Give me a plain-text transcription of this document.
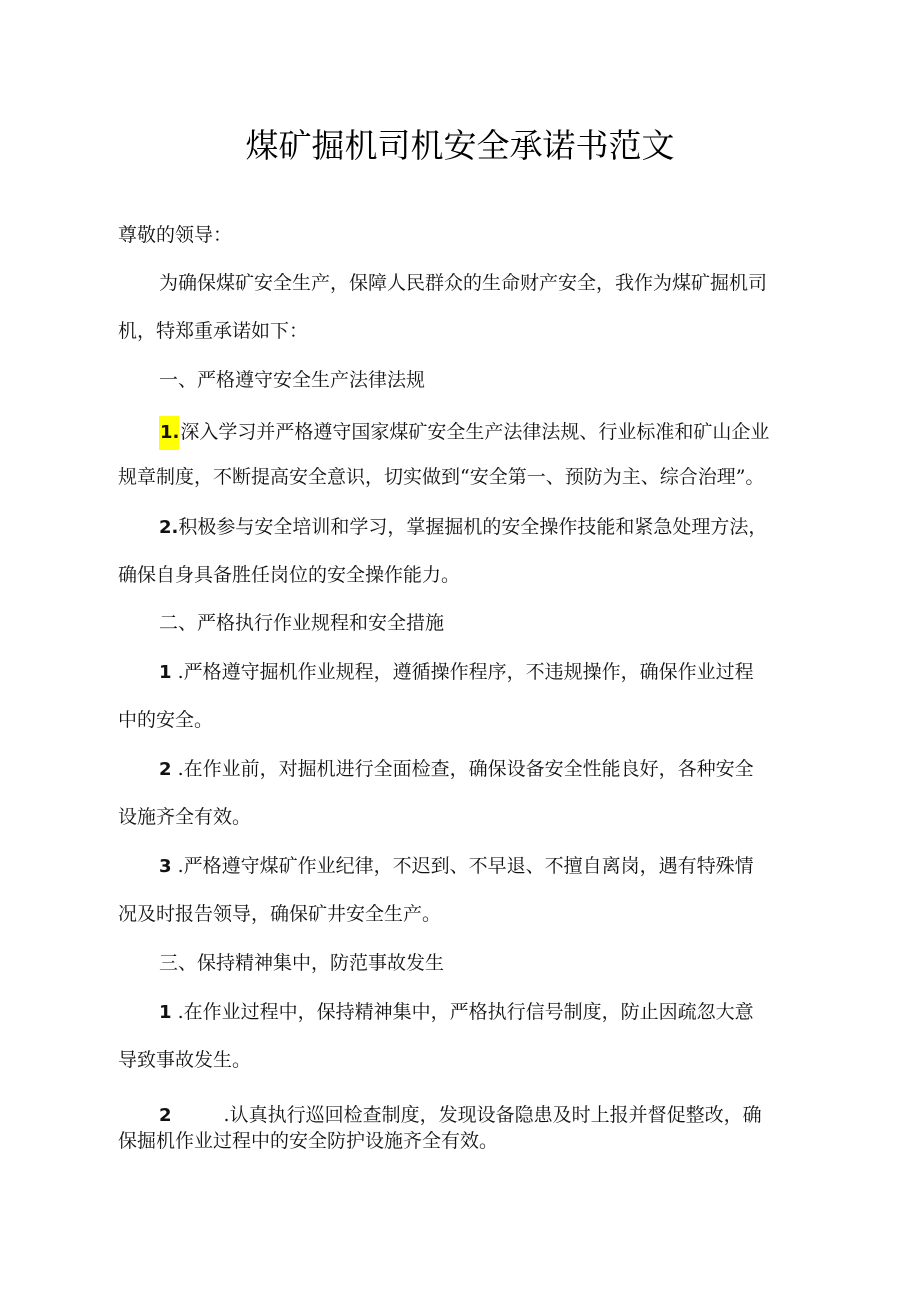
煤矿掘机司机安全承诺书范文
尊敬的领导：
为确保煤矿安全生产，保障人民群众的生命财产安全，我作为煤矿掘机司
机，特郑重承诺如下：
一、严格遵守安全生产法律法规
1.深入学习并严格遵守国家煤矿安全生产法律法规、行业标准和矿山企业
规章制度，不断提高安全意识，切实做到“安全第一、预防为主、综合治理”。
2.积极参与安全培训和学习，掌握掘机的安全操作技能和紧急处理方法，
确保自身具备胜任岗位的安全操作能力。
二、严格执行作业规程和安全措施
1 .严格遵守掘机作业规程，遵循操作程序，不违规操作，确保作业过程
中的安全。
2 .在作业前，对掘机进行全面检查，确保设备安全性能良好，各种安全
设施齐全有效。
3 .严格遵守煤矿作业纪律，不迟到、不早退、不擅自离岗，遇有特殊情
况及时报告领导，确保矿井安全生产。
三、保持精神集中，防范事故发生
1 .在作业过程中，保持精神集中，严格执行信号制度，防止因疏忽大意
导致事故发生。
2	.认真执行巡回检查制度，发现设备隐患及时上报并督促整改，确
保掘机作业过程中的安全防护设施齐全有效。
